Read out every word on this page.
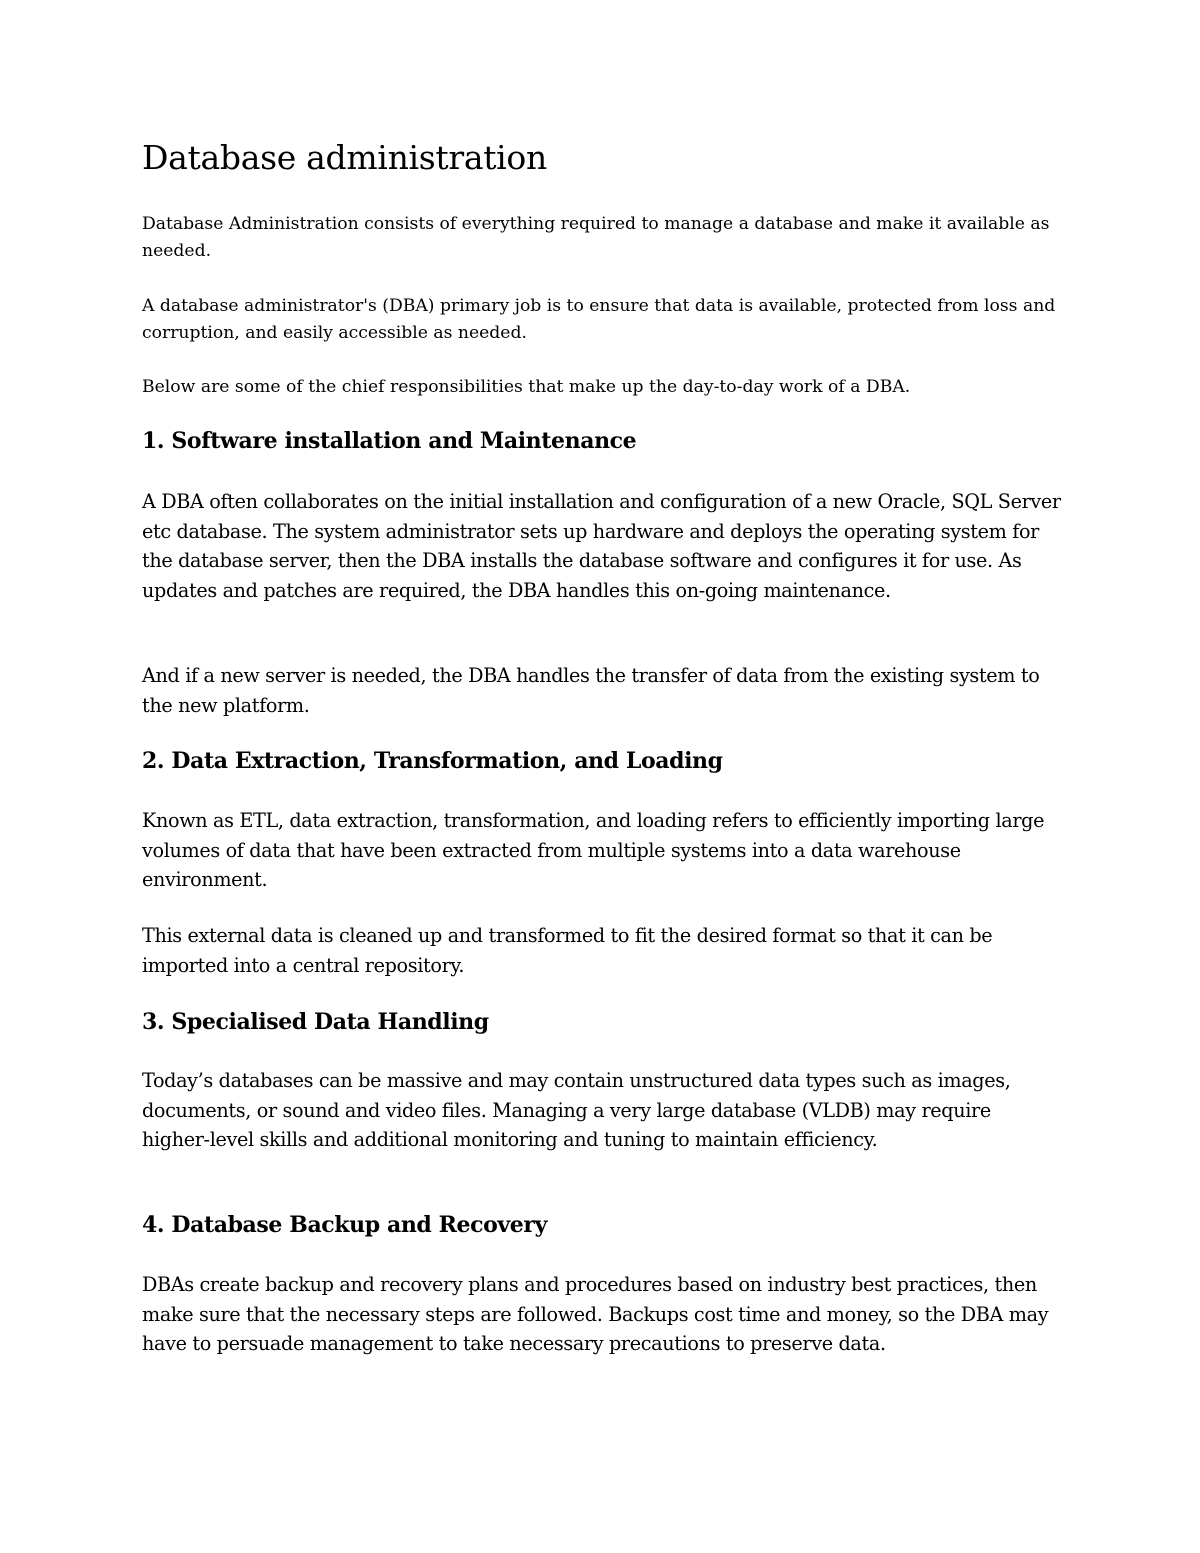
Database administration

Database Administration consists of everything required to manage a database and make it available as needed.

A database administrator's (DBA) primary job is to ensure that data is available, protected from loss and corruption, and easily accessible as needed.

Below are some of the chief responsibilities that make up the day-to-day work of a DBA.

1. Software installation and Maintenance

A DBA often collaborates on the initial installation and configuration of a new Oracle, SQL Server etc database. The system administrator sets up hardware and deploys the operating system for the database server, then the DBA installs the database software and configures it for use. As updates and patches are required, the DBA handles this on-going maintenance.

And if a new server is needed, the DBA handles the transfer of data from the existing system to the new platform.

2. Data Extraction, Transformation, and Loading

Known as ETL, data extraction, transformation, and loading refers to efficiently importing large volumes of data that have been extracted from multiple systems into a data warehouse environment.

This external data is cleaned up and transformed to fit the desired format so that it can be imported into a central repository.

3. Specialised Data Handling

Today’s databases can be massive and may contain unstructured data types such as images, documents, or sound and video files. Managing a very large database (VLDB) may require higher-level skills and additional monitoring and tuning to maintain efficiency.

4. Database Backup and Recovery

DBAs create backup and recovery plans and procedures based on industry best practices, then make sure that the necessary steps are followed. Backups cost time and money, so the DBA may have to persuade management to take necessary precautions to preserve data.
